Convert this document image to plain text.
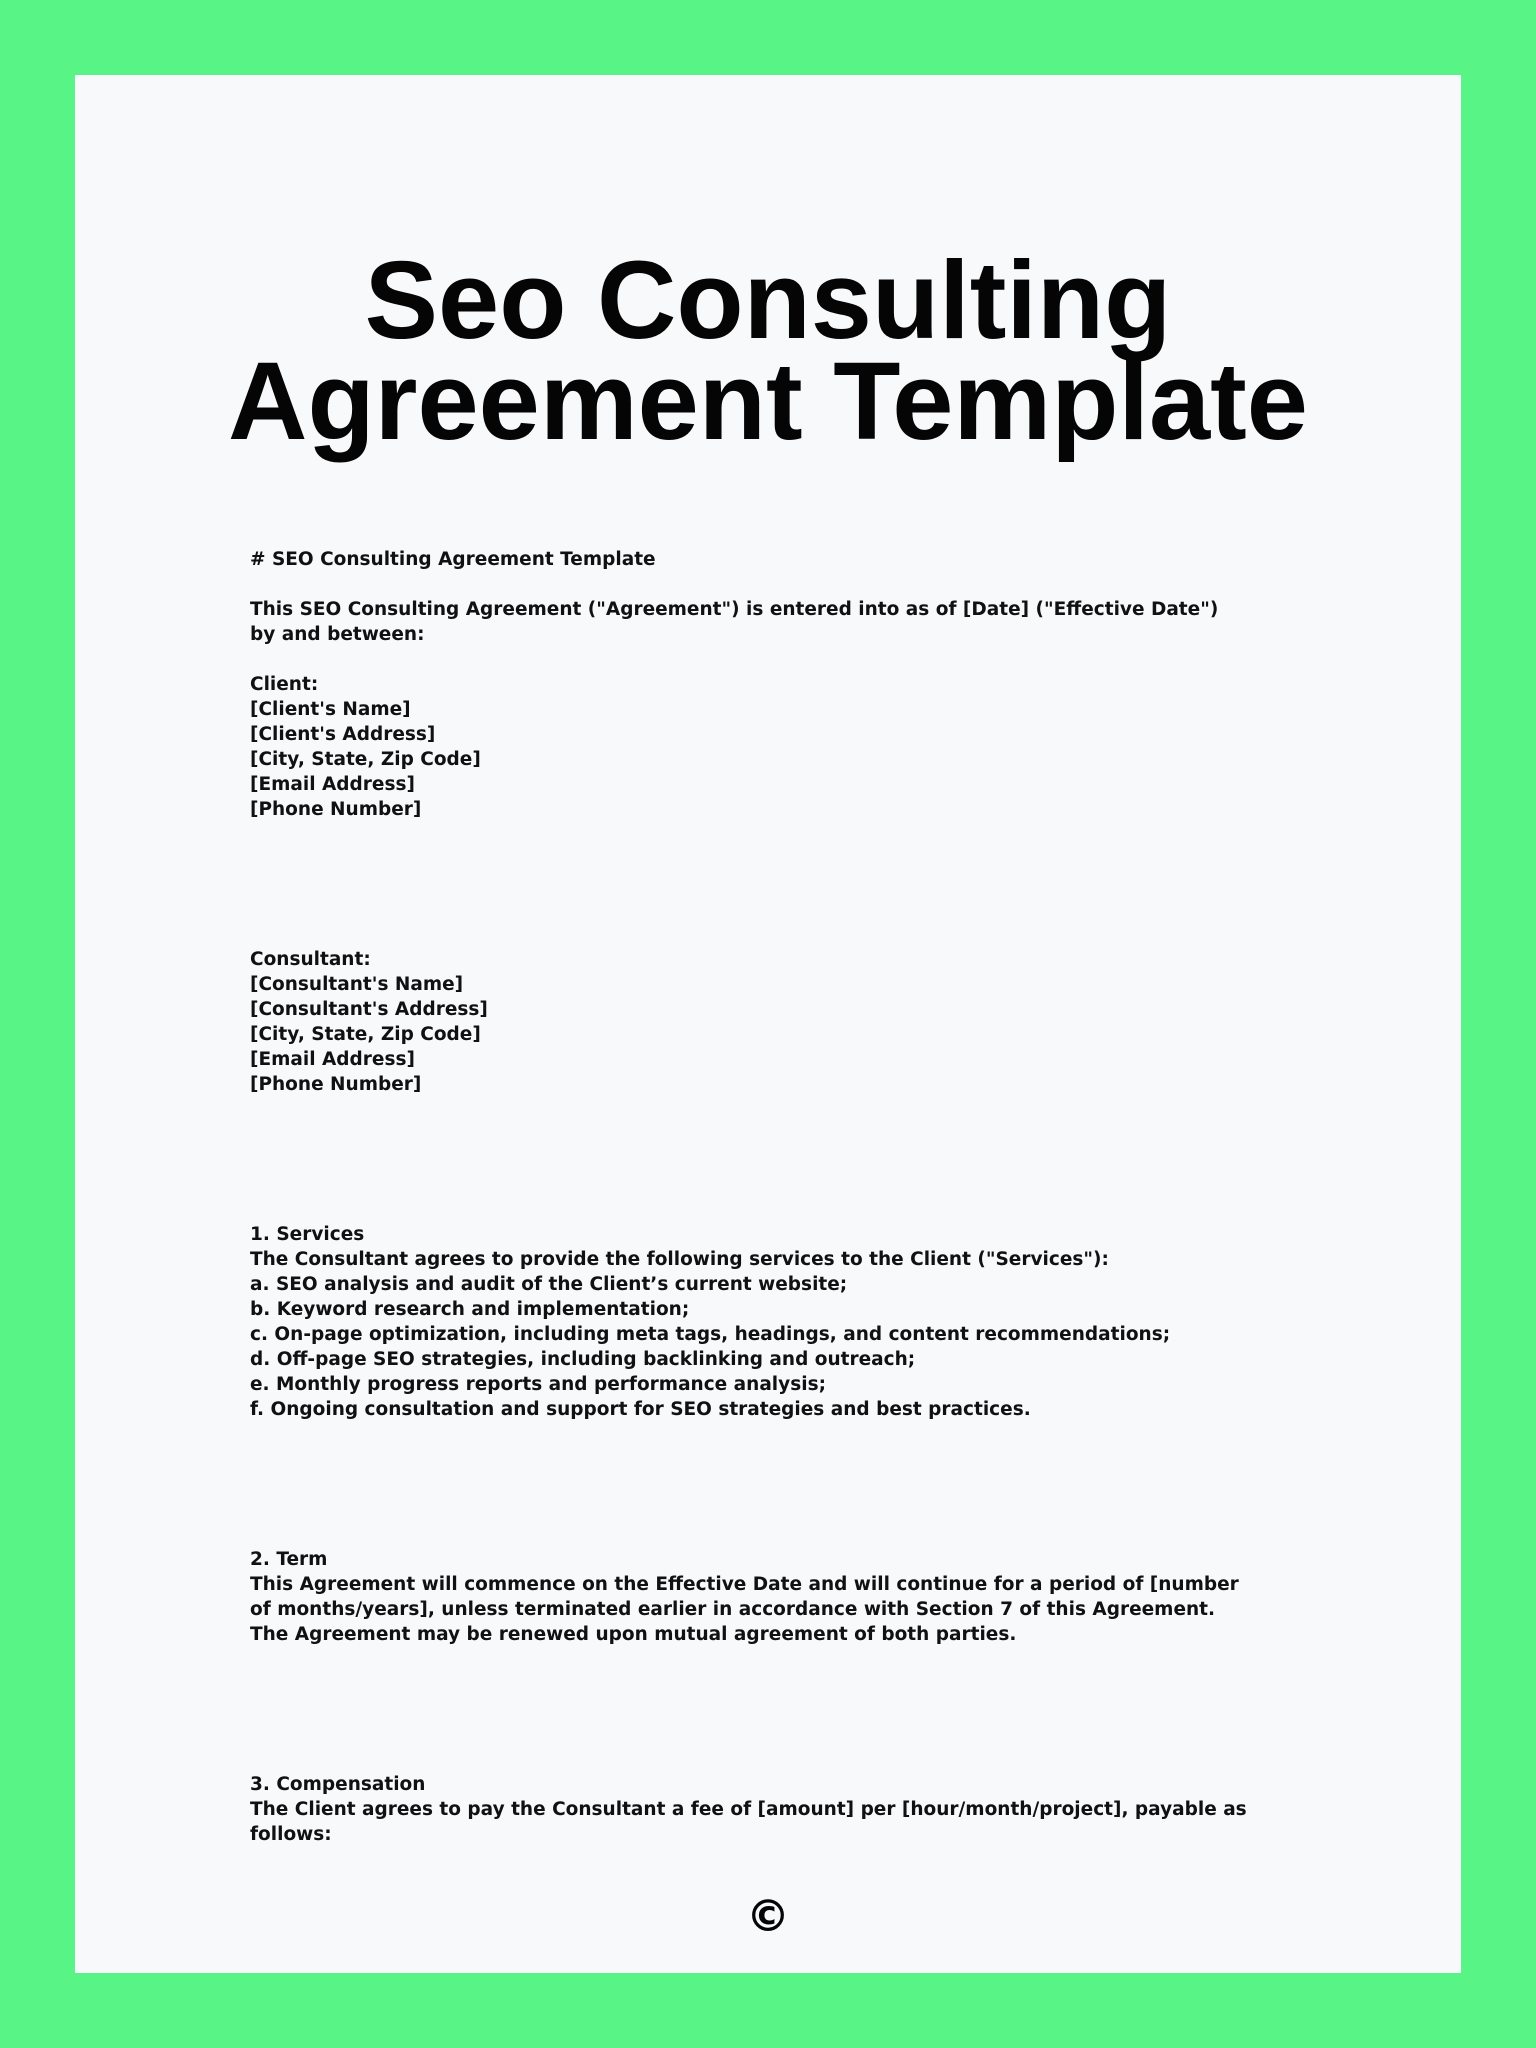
Seo Consulting Agreement Template

# SEO Consulting Agreement Template

This SEO Consulting Agreement ("Agreement") is entered into as of [Date] ("Effective Date") by and between:

Client:

[Client's Name]

[Client's Address]

[City, State, Zip Code]

[Email Address]

[Phone Number]

Consultant:

[Consultant's Name]

[Consultant's Address]

[City, State, Zip Code]

[Email Address]

[Phone Number]

1. Services

The Consultant agrees to provide the following services to the Client ("Services"):

a. SEO analysis and audit of the Client’s current website;

b. Keyword research and implementation;

c. On-page optimization, including meta tags, headings, and content recommendations;

d. Off-page SEO strategies, including backlinking and outreach;

e. Monthly progress reports and performance analysis;

f. Ongoing consultation and support for SEO strategies and best practices.

2. Term

This Agreement will commence on the Effective Date and will continue for a period of [number of months/years], unless terminated earlier in accordance with Section 7 of this Agreement. The Agreement may be renewed upon mutual agreement of both parties.

3. Compensation

The Client agrees to pay the Consultant a fee of [amount] per [hour/month/project], payable as follows:

©
